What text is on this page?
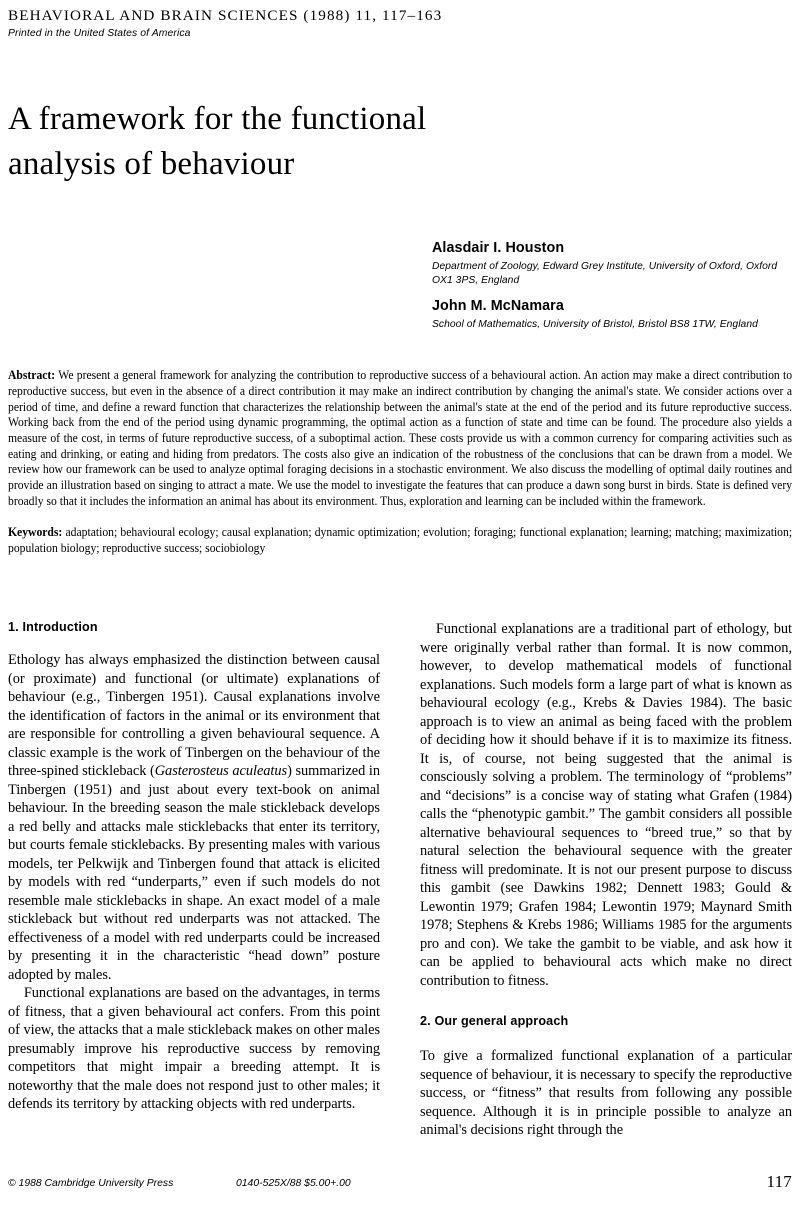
BEHAVIORAL AND BRAIN SCIENCES (1988) 11, 117–163
Printed in the United States of America
A framework for the functional
analysis of behaviour
Alasdair I. Houston
Department of Zoology, Edward Grey Institute, University of Oxford, Oxford OX1 3PS, England
John M. McNamara
School of Mathematics, University of Bristol, Bristol BS8 1TW, England
Abstract: We present a general framework for analyzing the contribution to reproductive success of a behavioural action. An action may make a direct contribution to reproductive success, but even in the absence of a direct contribution it may make an indirect contribution by changing the animal's state. We consider actions over a period of time, and define a reward function that characterizes the relationship between the animal's state at the end of the period and its future reproductive success. Working back from the end of the period using dynamic programming, the optimal action as a function of state and time can be found. The procedure also yields a measure of the cost, in terms of future reproductive success, of a suboptimal action. These costs provide us with a common currency for comparing activities such as eating and drinking, or eating and hiding from predators. The costs also give an indication of the robustness of the conclusions that can be drawn from a model. We review how our framework can be used to analyze optimal foraging decisions in a stochastic environment. We also discuss the modelling of optimal daily routines and provide an illustration based on singing to attract a mate. We use the model to investigate the features that can produce a dawn song burst in birds. State is defined very broadly so that it includes the information an animal has about its environment. Thus, exploration and learning can be included within the framework.
Keywords: adaptation; behavioural ecology; causal explanation; dynamic optimization; evolution; foraging; functional explanation; learning; matching; maximization; population biology; reproductive success; sociobiology
1. Introduction

Ethology has always emphasized the distinction between causal (or proximate) and functional (or ultimate) explanations of behaviour (e.g., Tinbergen 1951). Causal explanations involve the identification of factors in the animal or its environment that are responsible for controlling a given behavioural sequence. A classic example is the work of Tinbergen on the behaviour of the three-spined stickleback (Gasterosteus aculeatus) summarized in Tinbergen (1951) and just about every text-book on animal behaviour. In the breeding season the male stickleback develops a red belly and attacks male sticklebacks that enter its territory, but courts female sticklebacks. By presenting males with various models, ter Pelkwijk and Tinbergen found that attack is elicited by models with red “underparts,” even if such models do not resemble male sticklebacks in shape. An exact model of a male stickleback but without red underparts was not attacked. The effectiveness of a model with red underparts could be increased by presenting it in the characteristic “head down” posture adopted by males.

Functional explanations are based on the advantages, in terms of fitness, that a given behavioural act confers. From this point of view, the attacks that a male stickleback makes on other males presumably improve his reproductive success by removing competitors that might impair a breeding attempt. It is noteworthy that the male does not respond just to other males; it defends its territory by attacking objects with red underparts.

Functional explanations are a traditional part of ethology, but were originally verbal rather than formal. It is now common, however, to develop mathematical models of functional explanations. Such models form a large part of what is known as behavioural ecology (e.g., Krebs & Davies 1984). The basic approach is to view an animal as being faced with the problem of deciding how it should behave if it is to maximize its fitness. It is, of course, not being suggested that the animal is consciously solving a problem. The terminology of “problems” and “decisions” is a concise way of stating what Grafen (1984) calls the “phenotypic gambit.” The gambit considers all possible alternative behavioural sequences to “breed true,” so that by natural selection the behavioural sequence with the greater fitness will predominate. It is not our present purpose to discuss this gambit (see Dawkins 1982; Dennett 1983; Gould & Lewontin 1979; Grafen 1984; Lewontin 1979; Maynard Smith 1978; Stephens & Krebs 1986; Williams 1985 for the arguments pro and con). We take the gambit to be viable, and ask how it can be applied to behavioural acts which make no direct contribution to fitness.

2. Our general approach

To give a formalized functional explanation of a particular sequence of behaviour, it is necessary to specify the reproductive success, or “fitness” that results from following any possible sequence. Although it is in principle possible to analyze an animal's decisions right through the

© 1988 Cambridge University Press	0140-525X/88 $5.00+.00	117
